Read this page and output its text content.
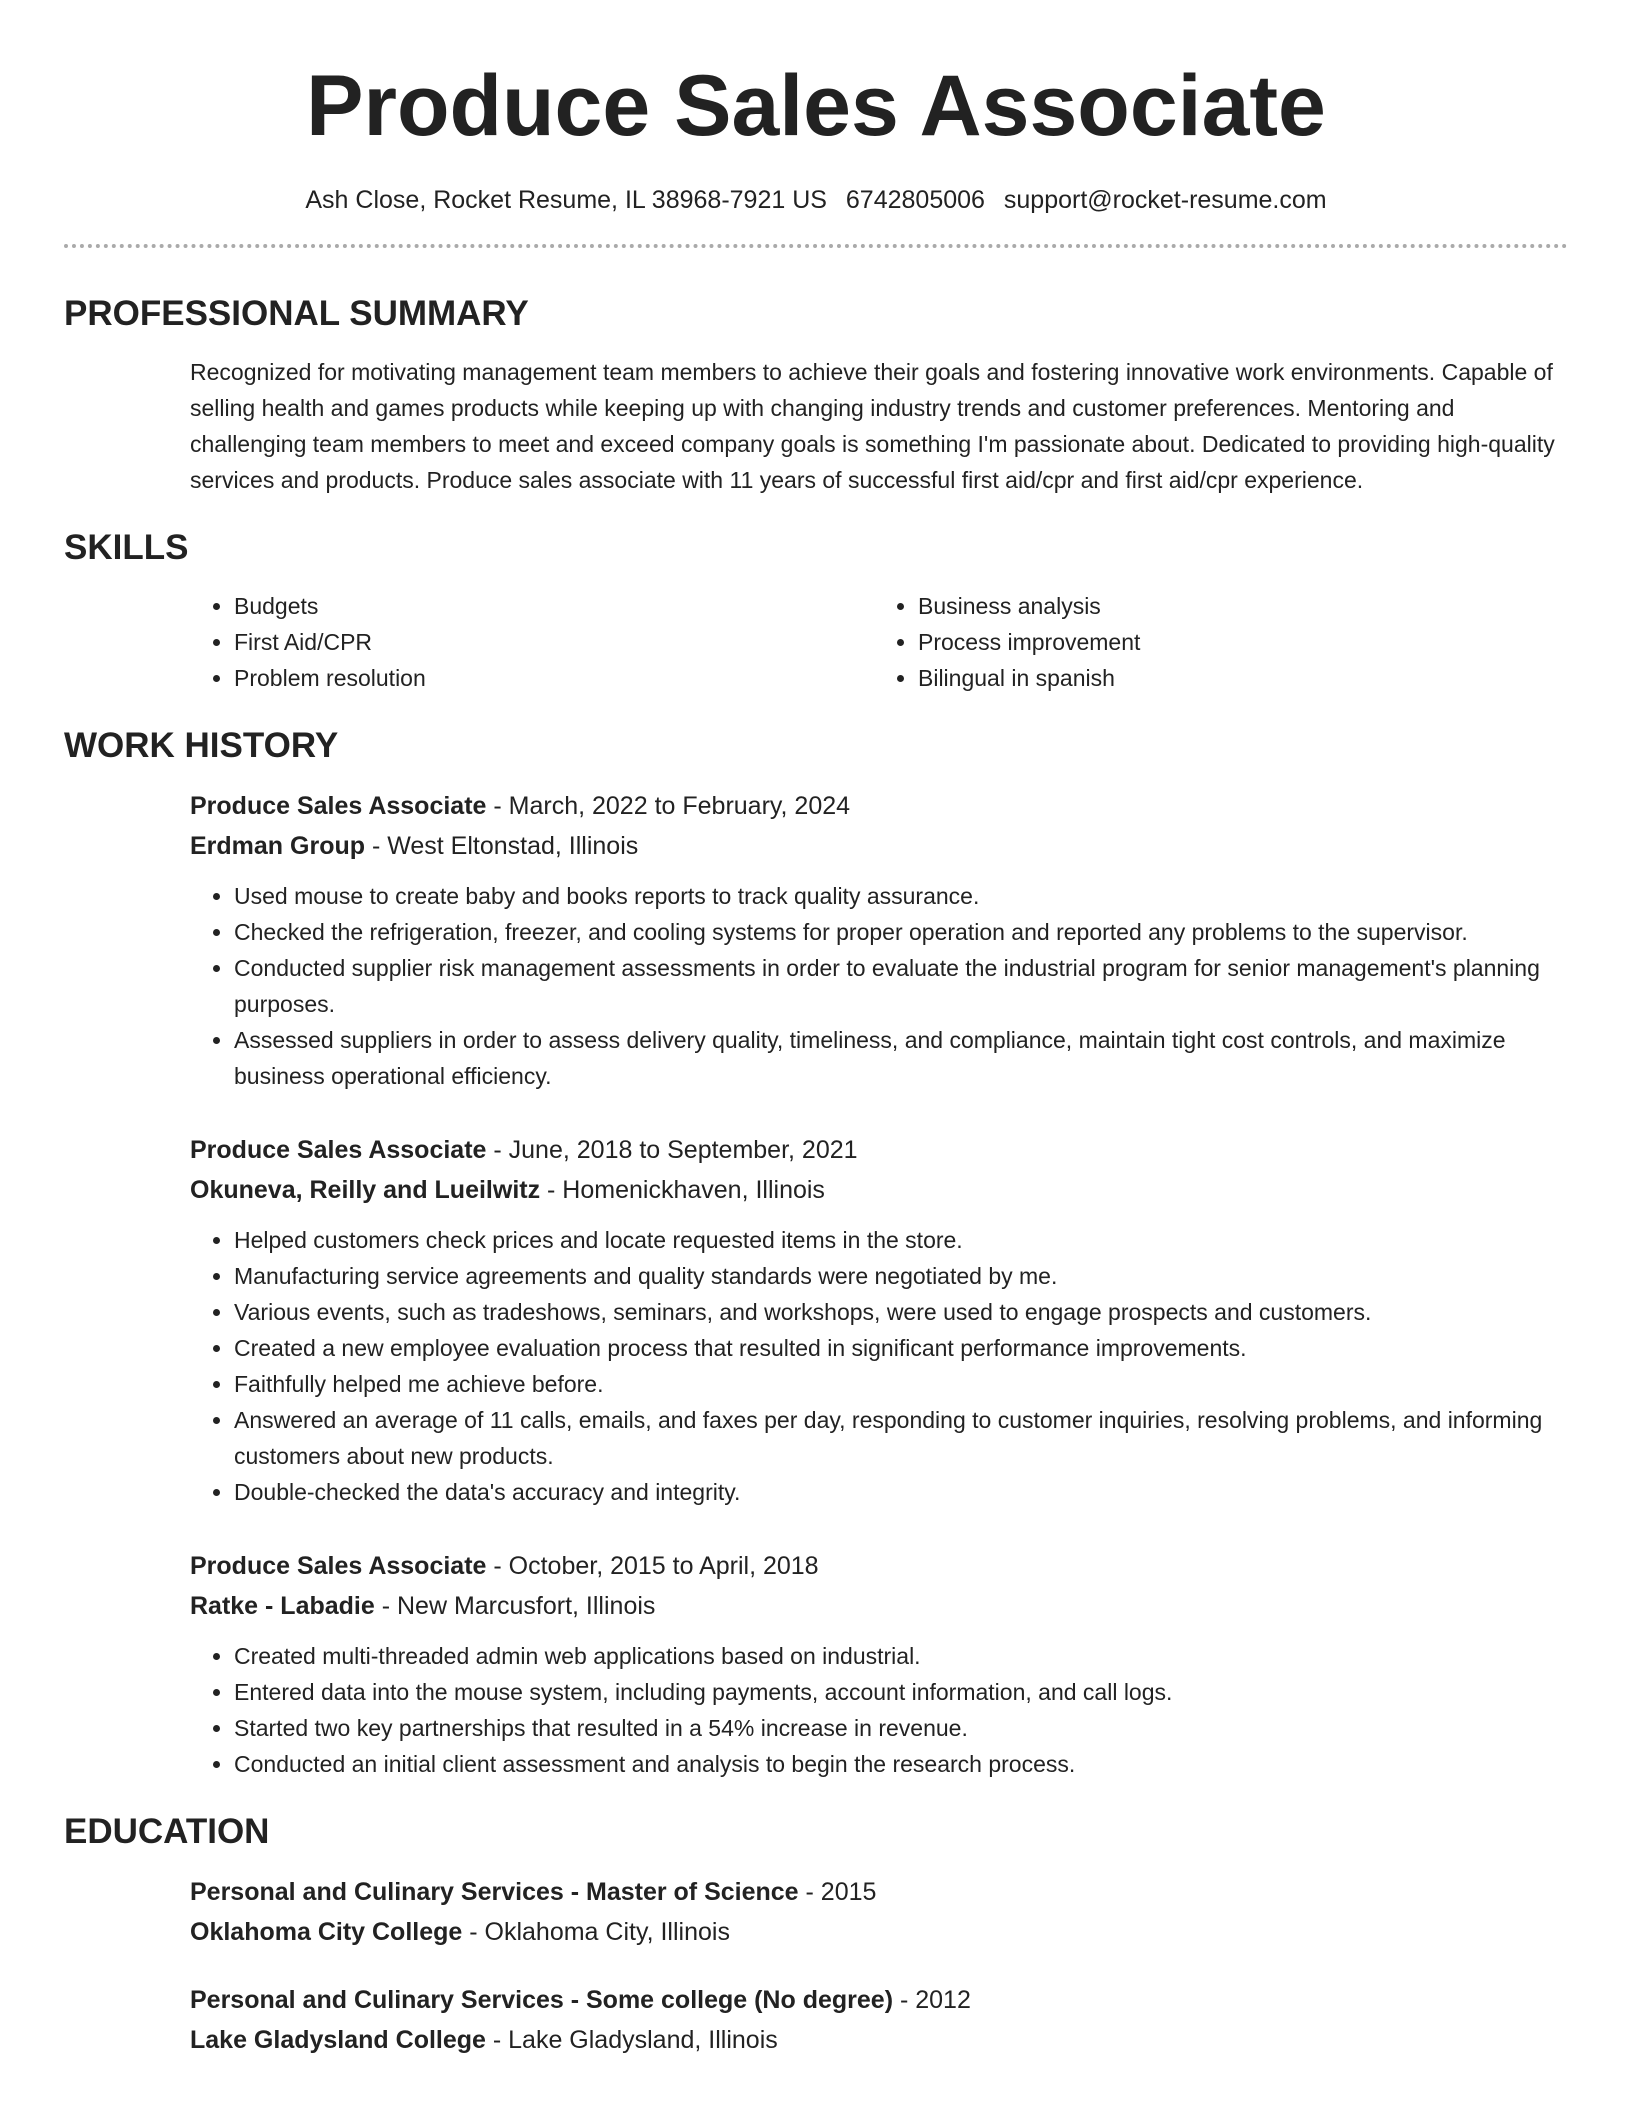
Produce Sales Associate
Ash Close, Rocket Resume, IL 38968-7921 US 6742805006 support@rocket-resume.com
PROFESSIONAL SUMMARY

Recognized for motivating management team members to achieve their goals and fostering innovative work environments. Capable of selling health and games products while keeping up with changing industry trends and customer preferences. Mentoring and challenging team members to meet and exceed company goals is something I'm passionate about. Dedicated to providing high-quality services and products. Produce sales associate with 11 years of successful first aid/cpr and first aid/cpr experience.

SKILLS
• Budgets
• First Aid/CPR
• Problem resolution
• Business analysis
• Process improvement
• Bilingual in spanish
WORK HISTORY
Produce Sales Associate - March, 2022 to February, 2024
Erdman Group - West Eltonstad, Illinois
• Used mouse to create baby and books reports to track quality assurance.
• Checked the refrigeration, freezer, and cooling systems for proper operation and reported any problems to the supervisor.
• Conducted supplier risk management assessments in order to evaluate the industrial program for senior management's planning purposes.
• Assessed suppliers in order to assess delivery quality, timeliness, and compliance, maintain tight cost controls, and maximize business operational efficiency.
Produce Sales Associate - June, 2018 to September, 2021
Okuneva, Reilly and Lueilwitz - Homenickhaven, Illinois
• Helped customers check prices and locate requested items in the store.
• Manufacturing service agreements and quality standards were negotiated by me.
• Various events, such as tradeshows, seminars, and workshops, were used to engage prospects and customers.
• Created a new employee evaluation process that resulted in significant performance improvements.
• Faithfully helped me achieve before.
• Answered an average of 11 calls, emails, and faxes per day, responding to customer inquiries, resolving problems, and informing customers about new products.
• Double-checked the data's accuracy and integrity.
Produce Sales Associate - October, 2015 to April, 2018
Ratke - Labadie - New Marcusfort, Illinois
• Created multi-threaded admin web applications based on industrial.
• Entered data into the mouse system, including payments, account information, and call logs.
• Started two key partnerships that resulted in a 54% increase in revenue.
• Conducted an initial client assessment and analysis to begin the research process.
EDUCATION
Personal and Culinary Services - Master of Science - 2015
Oklahoma City College - Oklahoma City, Illinois
Personal and Culinary Services - Some college (No degree) - 2012
Lake Gladysland College - Lake Gladysland, Illinois
